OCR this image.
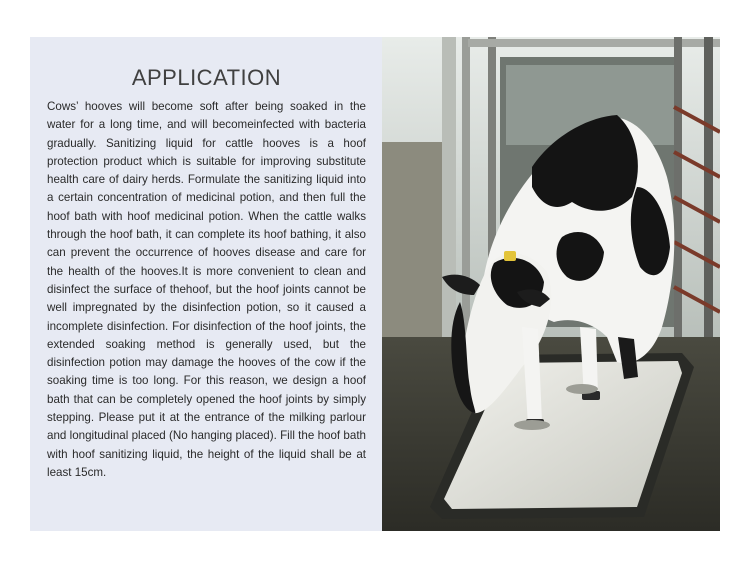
APPLICATION

Cows’ hooves will become soft after being soaked in the water for a long time, and will becomeinfected with bacteria gradually. Sanitizing liquid for cattle hooves is a hoof protection product which is suitable for improving substitute health care of dairy herds. Formulate the sanitizing liquid into a certain concentration of medicinal potion, and then full the hoof bath with hoof medicinal potion. When the cattle walks through the hoof bath, it can complete its hoof bathing, it also can prevent the occurrence of hooves disease and care for the health of the hooves.It is more convenient to clean and disinfect the surface of thehoof, but the hoof joints cannot be well impregnated by the disinfection potion, so it caused a incomplete disinfection. For disinfection of the hoof joints, the extended soaking method is generally used, but the disinfection potion may damage the hooves of the cow if the soaking time is too long. For this reason, we design a hoof bath that can be completely opened the hoof joints by simply stepping. Please put it at the entrance of the milking parlour and longitudinal placed (No hanging placed). Fill the hoof bath with hoof sanitizing liquid, the height of the liquid shall be at least 15cm.
